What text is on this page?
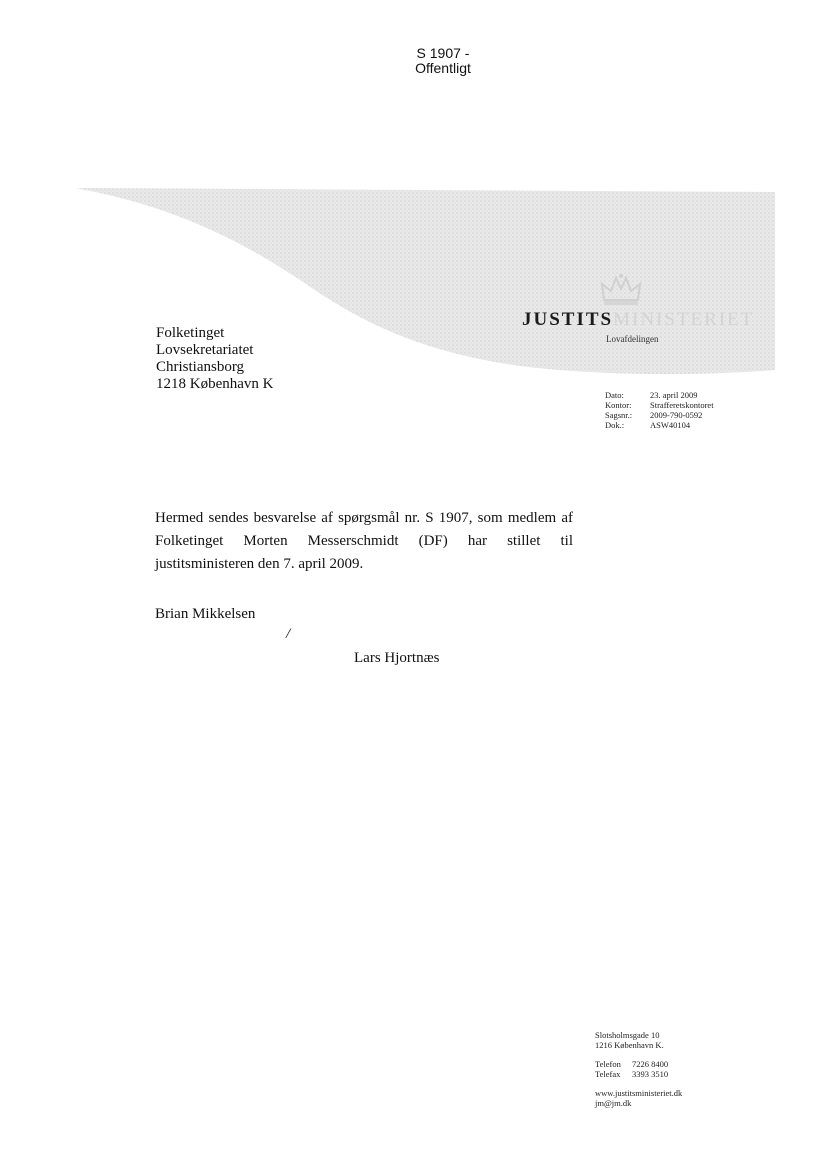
S 1907 -
Offentligt
JUSTITSMINISTERIET
Lovafdelingen
Folketinget
Lovsekretariatet
Christiansborg
1218 København K
Dato:	23. april 2009
Kontor:	Strafferetskontoret
Sagsnr.:	2009-790-0592
Dok.:	ASW40104
Hermed sendes besvarelse af spørgsmål nr. S 1907, som medlem af Folketinget Morten Messerschmidt (DF) har stillet til justitsministeren den 7. april 2009.
Brian Mikkelsen
/
Lars Hjortnæs
Slotsholmsgade 10
1216 København K.
Telefon	7226 8400
Telefax	3393 3510
www.justitsministeriet.dk
jm@jm.dk
